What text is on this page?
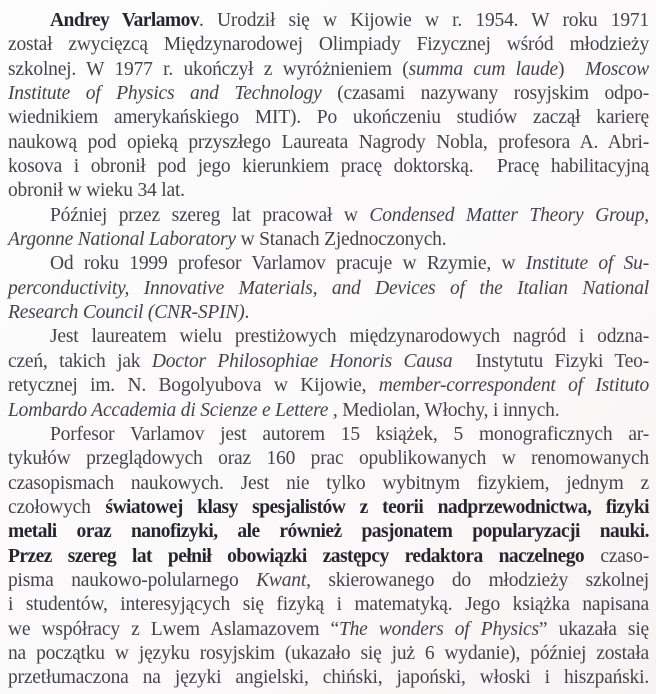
Andrey Varlamov. Urodził się w Kijowie w r. 1954. W roku 1971
został zwycięzcą Międzynarodowej Olimpiady Fizycznej wśród młodzieży
szkolnej. W 1977 r. ukończył z wyróżnieniem (summa cum laude)  Moscow
Institute of Physics and Technology (czasami nazywany rosyjskim odpo-
wiednikiem amerykańskiego MIT). Po ukończeniu studiów zaczął karierę
naukową pod opieką przyszłego Laureata Nagrody Nobla, profesora A. Abri-
kosova i obronił pod jego kierunkiem pracę doktorską.  Pracę habilitacyjną
obronił w wieku 34 lat.
Później przez szereg lat pracował w Condensed Matter Theory Group,
Argonne National Laboratory w Stanach Zjednoczonych.
Od roku 1999 profesor Varlamov pracuje w Rzymie, w Institute of Su-
perconductivity, Innovative Materials, and Devices of the Italian National
Research Council (CNR-SPIN).
Jest laureatem wielu prestiżowych międzynarodowych nagród i odzna-
czeń, takich jak Doctor Philosophiae Honoris Causa  Instytutu Fizyki Teo-
retycznej im. N. Bogolyubova w Kijowie, member-correspondent of Istituto
Lombardo Accademia di Scienze e Lettere , Mediolan, Włochy, i innych.
Porfesor Varlamov jest autorem 15 książek, 5 monograficznych ar-
tykułów przeglądowych oraz 160 prac opublikowanych w renomowanych
czasopismach naukowych. Jest nie tylko wybitnym fizykiem, jednym z
czołowych światowej klasy spesjalistów z teorii nadprzewodnictwa, fizyki
metali oraz nanofizyki, ale również pasjonatem popularyzacji nauki.
Przez szereg lat pełnił obowiązki zastępcy redaktora naczelnego czaso-
pisma naukowo-polularnego Kwant, skierowanego do młodzieży szkolnej
i studentów, interesyjących się fizyką i matematyką. Jego książka napisana
we współracy z Lwem Aslamazovem “The wonders of Physics” ukazała się
na początku w języku rosyjskim (ukazało się już 6 wydanie), później została
przetłumaczona na języki angielski, chiński, japoński, włoski i hiszpański.
